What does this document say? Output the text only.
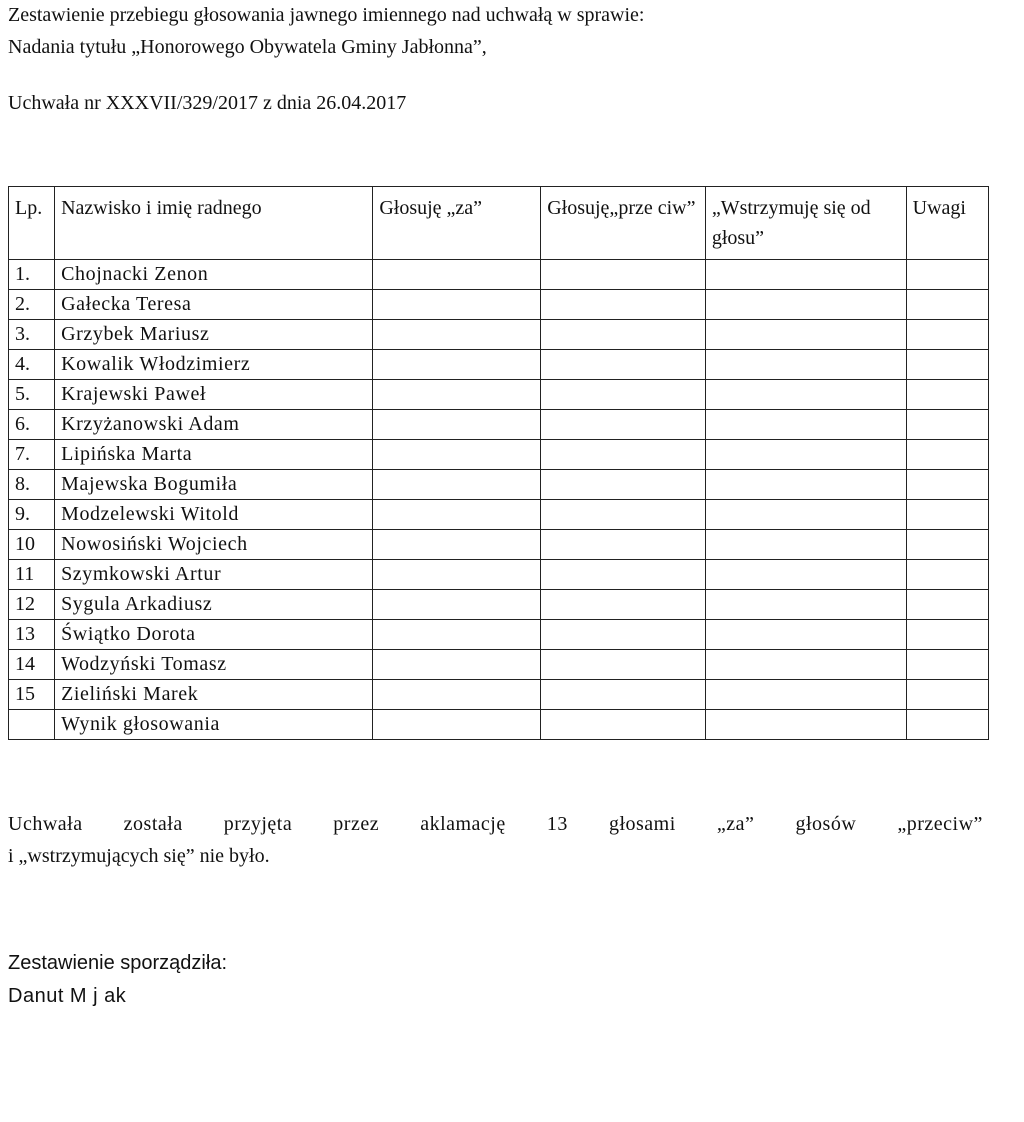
Zestawienie przebiegu głosowania jawnego imiennego nad uchwałą w sprawie:
Nadania tytułu „Honorowego Obywatela Gminy Jabłonna”,
Uchwała nr XXXVII/329/2017 z dnia 26.04.2017
Lp.	Nazwisko i imię radnego	Głosuję „za”	Głosuję„prze ciw”	„Wstrzymuję się od głosu”	Uwagi
1.	Chojnacki Zenon				
2.	Gałecka Teresa				
3.	Grzybek Mariusz				
4.	Kowalik Włodzimierz				
5.	Krajewski Paweł				
6.	Krzyżanowski Adam				
7.	Lipińska Marta				
8.	Majewska Bogumiła				
9.	Modzelewski Witold				
10	Nowosiński Wojciech				
11	Szymkowski Artur				
12	Sygula Arkadiusz				
13	Świątko Dorota				
14	Wodzyński Tomasz				
15	Zieliński Marek				
	Wynik głosowania				
Uchwała została przyjęta przez aklamację 13 głosami „za” głosów „przeciw”
i „wstrzymujących się” nie było.
Zestawienie sporządziła:
Danut M j ak
